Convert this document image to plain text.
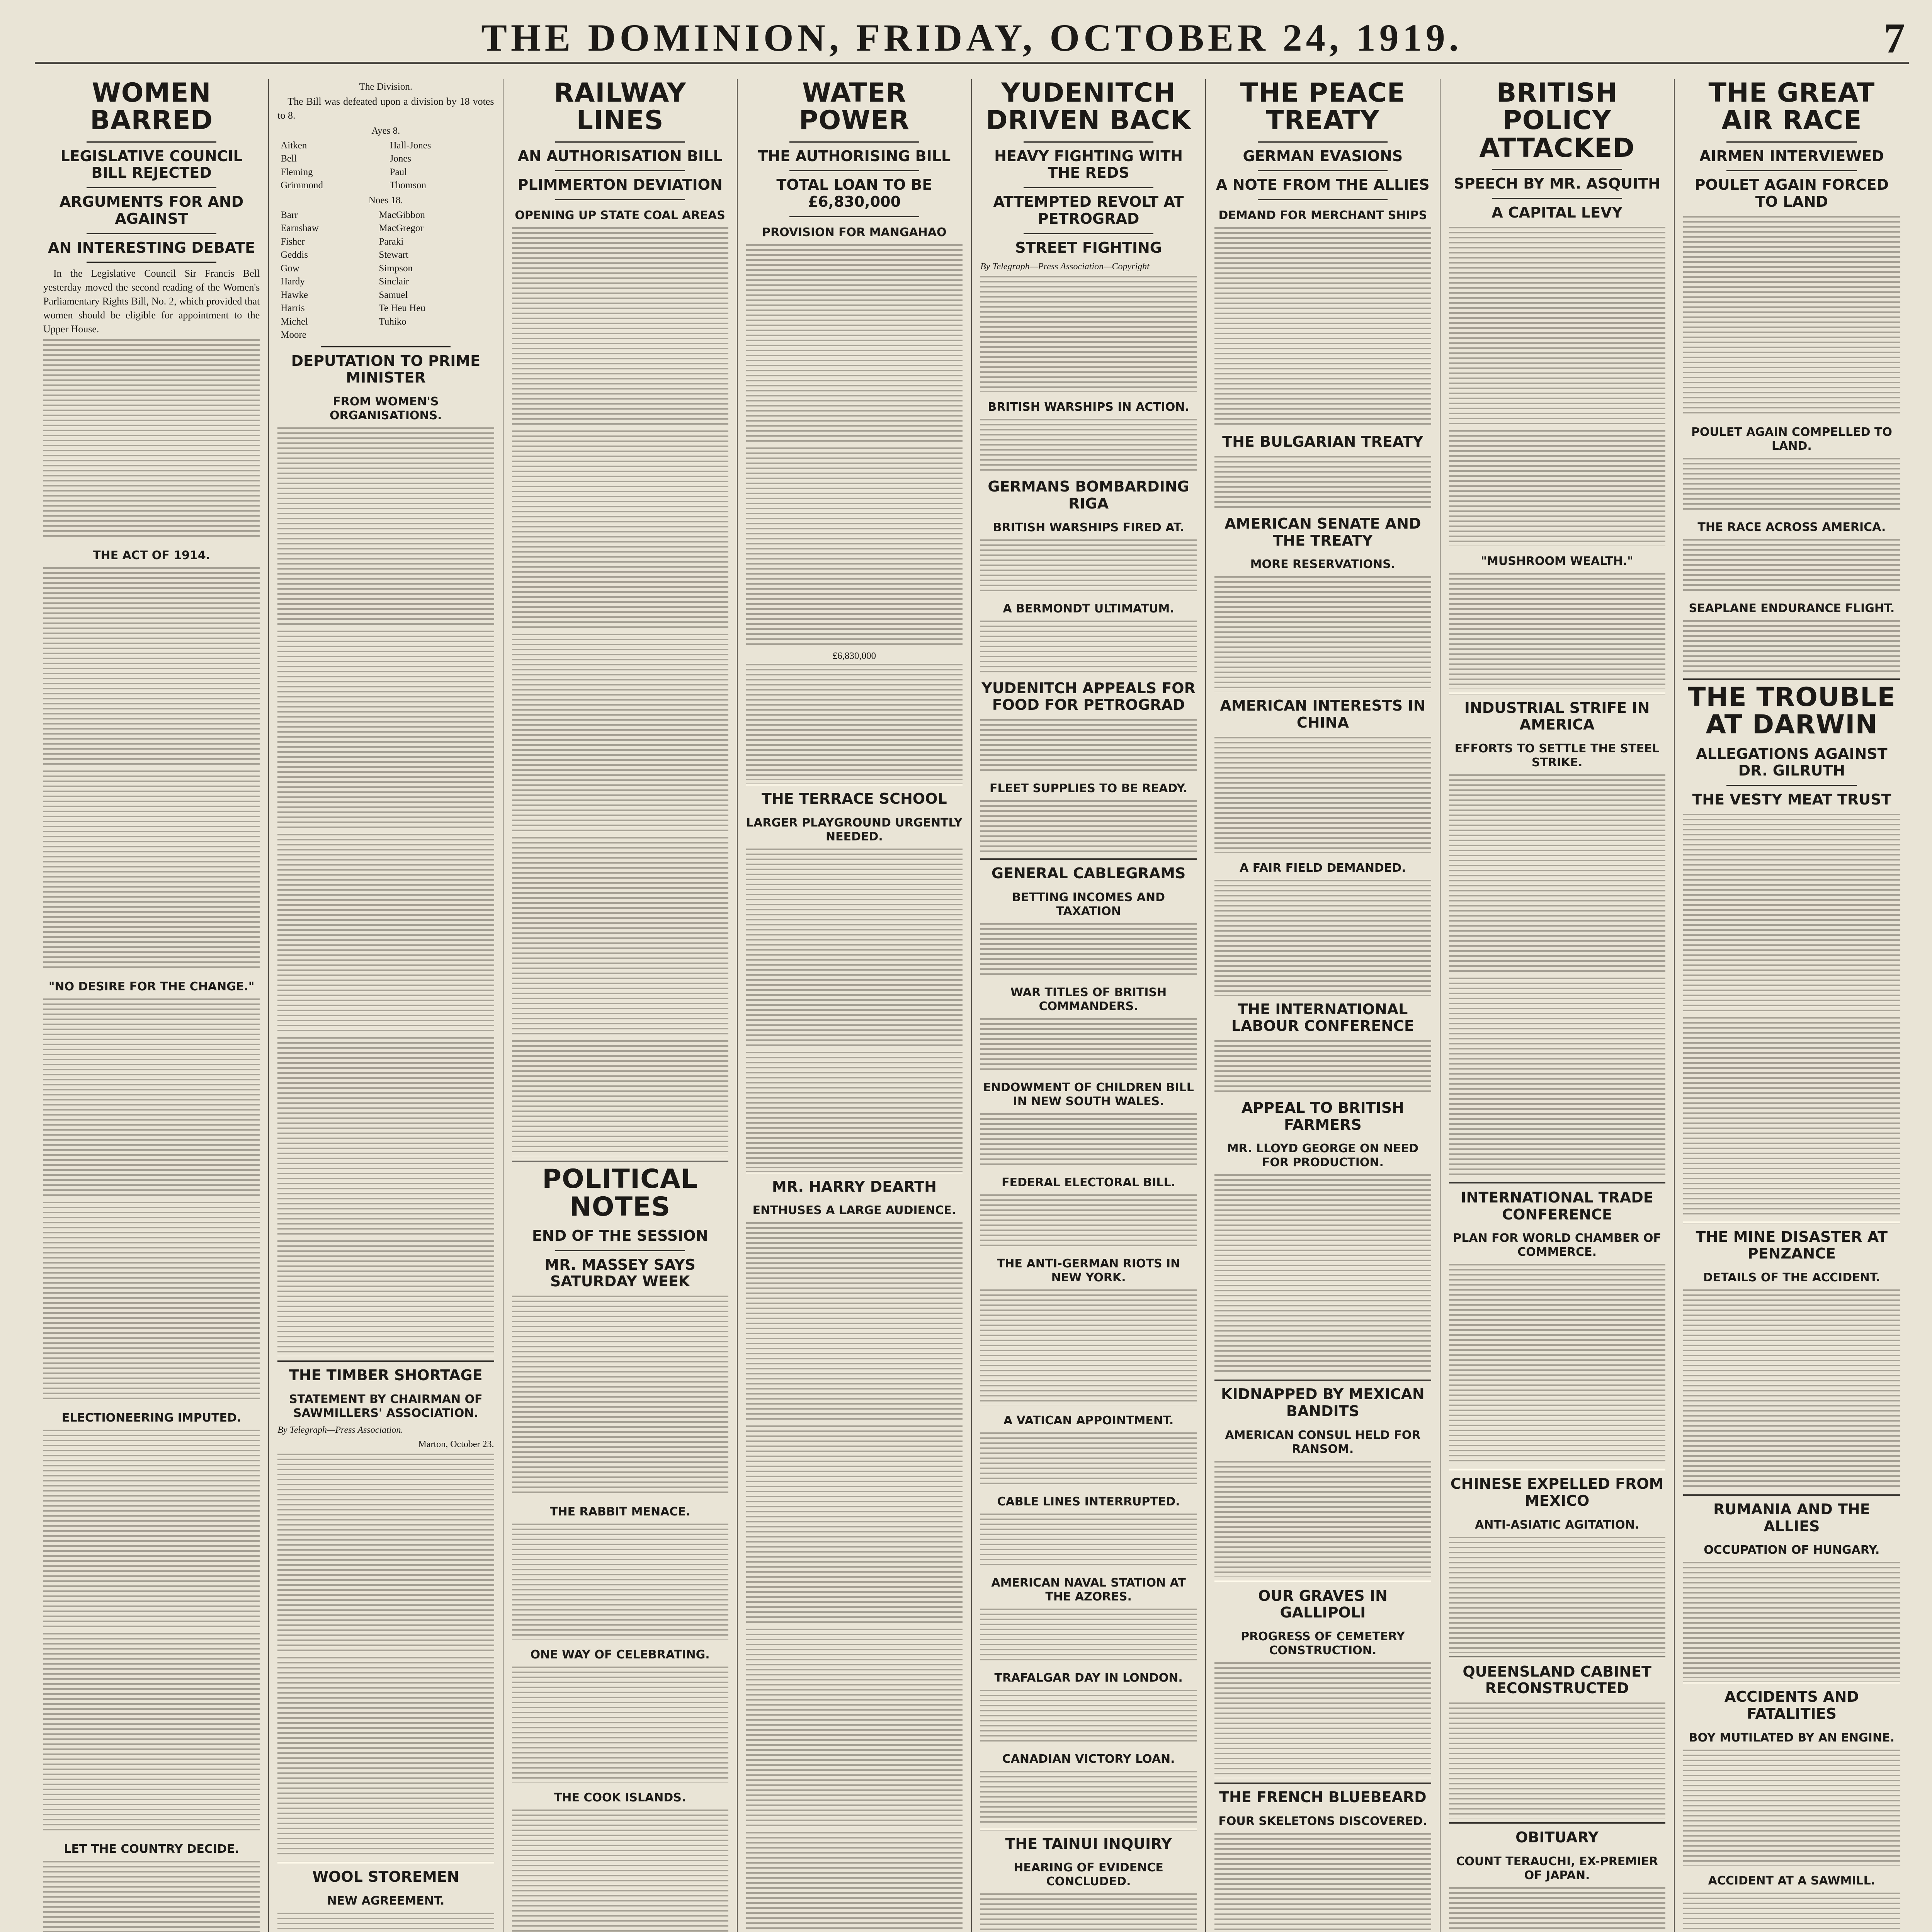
THE DOMINION, FRIDAY, OCTOBER 24, 1919.	7
WOMEN BARRED
LEGISLATIVE COUNCIL BILL REJECTED
ARGUMENTS FOR AND AGAINST
AN INTERESTING DEBATE

In the Legislative Council Sir Francis Bell yesterday moved the second reading of the Women's Parliamentary Rights Bill, No. 2, which provided that women should be eligible for appointment to the Upper House.

THE ACT OF 1914.
"NO DESIRE FOR THE CHANGE."
ELECTIONEERING IMPUTED.
LET THE COUNTRY DECIDE.
The Division.

The Bill was defeated upon a division by 18 votes to 8.

Ayes 8.
Aitken	Hall-Jones
Bell	Jones
Fleming	Paul
Grimmond	Thomson
Noes 18.
Barr	MacGibbon
Earnshaw	MacGregor
Fisher	Paraki
Geddis	Stewart
Gow	Simpson
Hardy	Sinclair
Hawke	Samuel
Harris	Te Heu Heu
Michel	Tuhiko
Moore	
DEPUTATION TO PRIME MINISTER
FROM WOMEN'S ORGANISATIONS.
THE TIMBER SHORTAGE
STATEMENT BY CHAIRMAN OF SAWMILLERS' ASSOCIATION.
By Telegraph—Press Association.
Marton, October 23.
WOOL STOREMEN
NEW AGREEMENT.
RAILWAY LINES
AN AUTHORISATION BILL
PLIMMERTON DEVIATION
OPENING UP STATE COAL AREAS
POLITICAL NOTES
END OF THE SESSION
MR. MASSEY SAYS SATURDAY WEEK
THE RABBIT MENACE.
ONE WAY OF CELEBRATING.
THE COOK ISLANDS.
WATER POWER
THE AUTHORISING BILL
TOTAL LOAN TO BE £6,830,000
PROVISION FOR MANGAHAO
£6,830,000
THE TERRACE SCHOOL
LARGER PLAYGROUND URGENTLY NEEDED.
MR. HARRY DEARTH
ENTHUSES A LARGE AUDIENCE.
YUDENITCH DRIVEN BACK
HEAVY FIGHTING WITH THE REDS
ATTEMPTED REVOLT AT PETROGRAD
STREET FIGHTING
By Telegraph—Press Association—Copyright
BRITISH WARSHIPS IN ACTION.
GERMANS BOMBARDING RIGA
BRITISH WARSHIPS FIRED AT.
A BERMONDT ULTIMATUM.
YUDENITCH APPEALS FOR FOOD FOR PETROGRAD
FLEET SUPPLIES TO BE READY.
GENERAL CABLEGRAMS
BETTING INCOMES AND TAXATION
WAR TITLES OF BRITISH COMMANDERS.
ENDOWMENT OF CHILDREN BILL IN NEW SOUTH WALES.
FEDERAL ELECTORAL BILL.
THE ANTI-GERMAN RIOTS IN NEW YORK.
A VATICAN APPOINTMENT.
CABLE LINES INTERRUPTED.
AMERICAN NAVAL STATION AT THE AZORES.
TRAFALGAR DAY IN LONDON.
CANADIAN VICTORY LOAN.
THE TAINUI INQUIRY
HEARING OF EVIDENCE CONCLUDED.
THE PEACE TREATY
GERMAN EVASIONS
A NOTE FROM THE ALLIES
DEMAND FOR MERCHANT SHIPS
THE BULGARIAN TREATY
AMERICAN SENATE AND THE TREATY
MORE RESERVATIONS.
AMERICAN INTERESTS IN CHINA
A FAIR FIELD DEMANDED.
THE INTERNATIONAL LABOUR CONFERENCE
APPEAL TO BRITISH FARMERS
MR. LLOYD GEORGE ON NEED FOR PRODUCTION.
KIDNAPPED BY MEXICAN BANDITS
AMERICAN CONSUL HELD FOR RANSOM.
OUR GRAVES IN GALLIPOLI
PROGRESS OF CEMETERY CONSTRUCTION.
THE FRENCH BLUEBEARD
FOUR SKELETONS DISCOVERED.
BRITISH POLICY ATTACKED
SPEECH BY MR. ASQUITH
A CAPITAL LEVY
"MUSHROOM WEALTH."
INDUSTRIAL STRIFE IN AMERICA
EFFORTS TO SETTLE THE STEEL STRIKE.
INTERNATIONAL TRADE CONFERENCE
PLAN FOR WORLD CHAMBER OF COMMERCE.
CHINESE EXPELLED FROM MEXICO
ANTI-ASIATIC AGITATION.
QUEENSLAND CABINET RECONSTRUCTED
OBITUARY
COUNT TERAUCHI, EX-PREMIER OF JAPAN.
THE GREAT AIR RACE
AIRMEN INTERVIEWED
POULET AGAIN FORCED TO LAND
POULET AGAIN COMPELLED TO LAND.
THE RACE ACROSS AMERICA.
SEAPLANE ENDURANCE FLIGHT.
THE TROUBLE AT DARWIN
ALLEGATIONS AGAINST DR. GILRUTH
THE VESTY MEAT TRUST
THE MINE DISASTER AT PENZANCE
DETAILS OF THE ACCIDENT.
RUMANIA AND THE ALLIES
OCCUPATION OF HUNGARY.
ACCIDENTS AND FATALITIES
BOY MUTILATED BY AN ENGINE.
ACCIDENT AT A SAWMILL.
